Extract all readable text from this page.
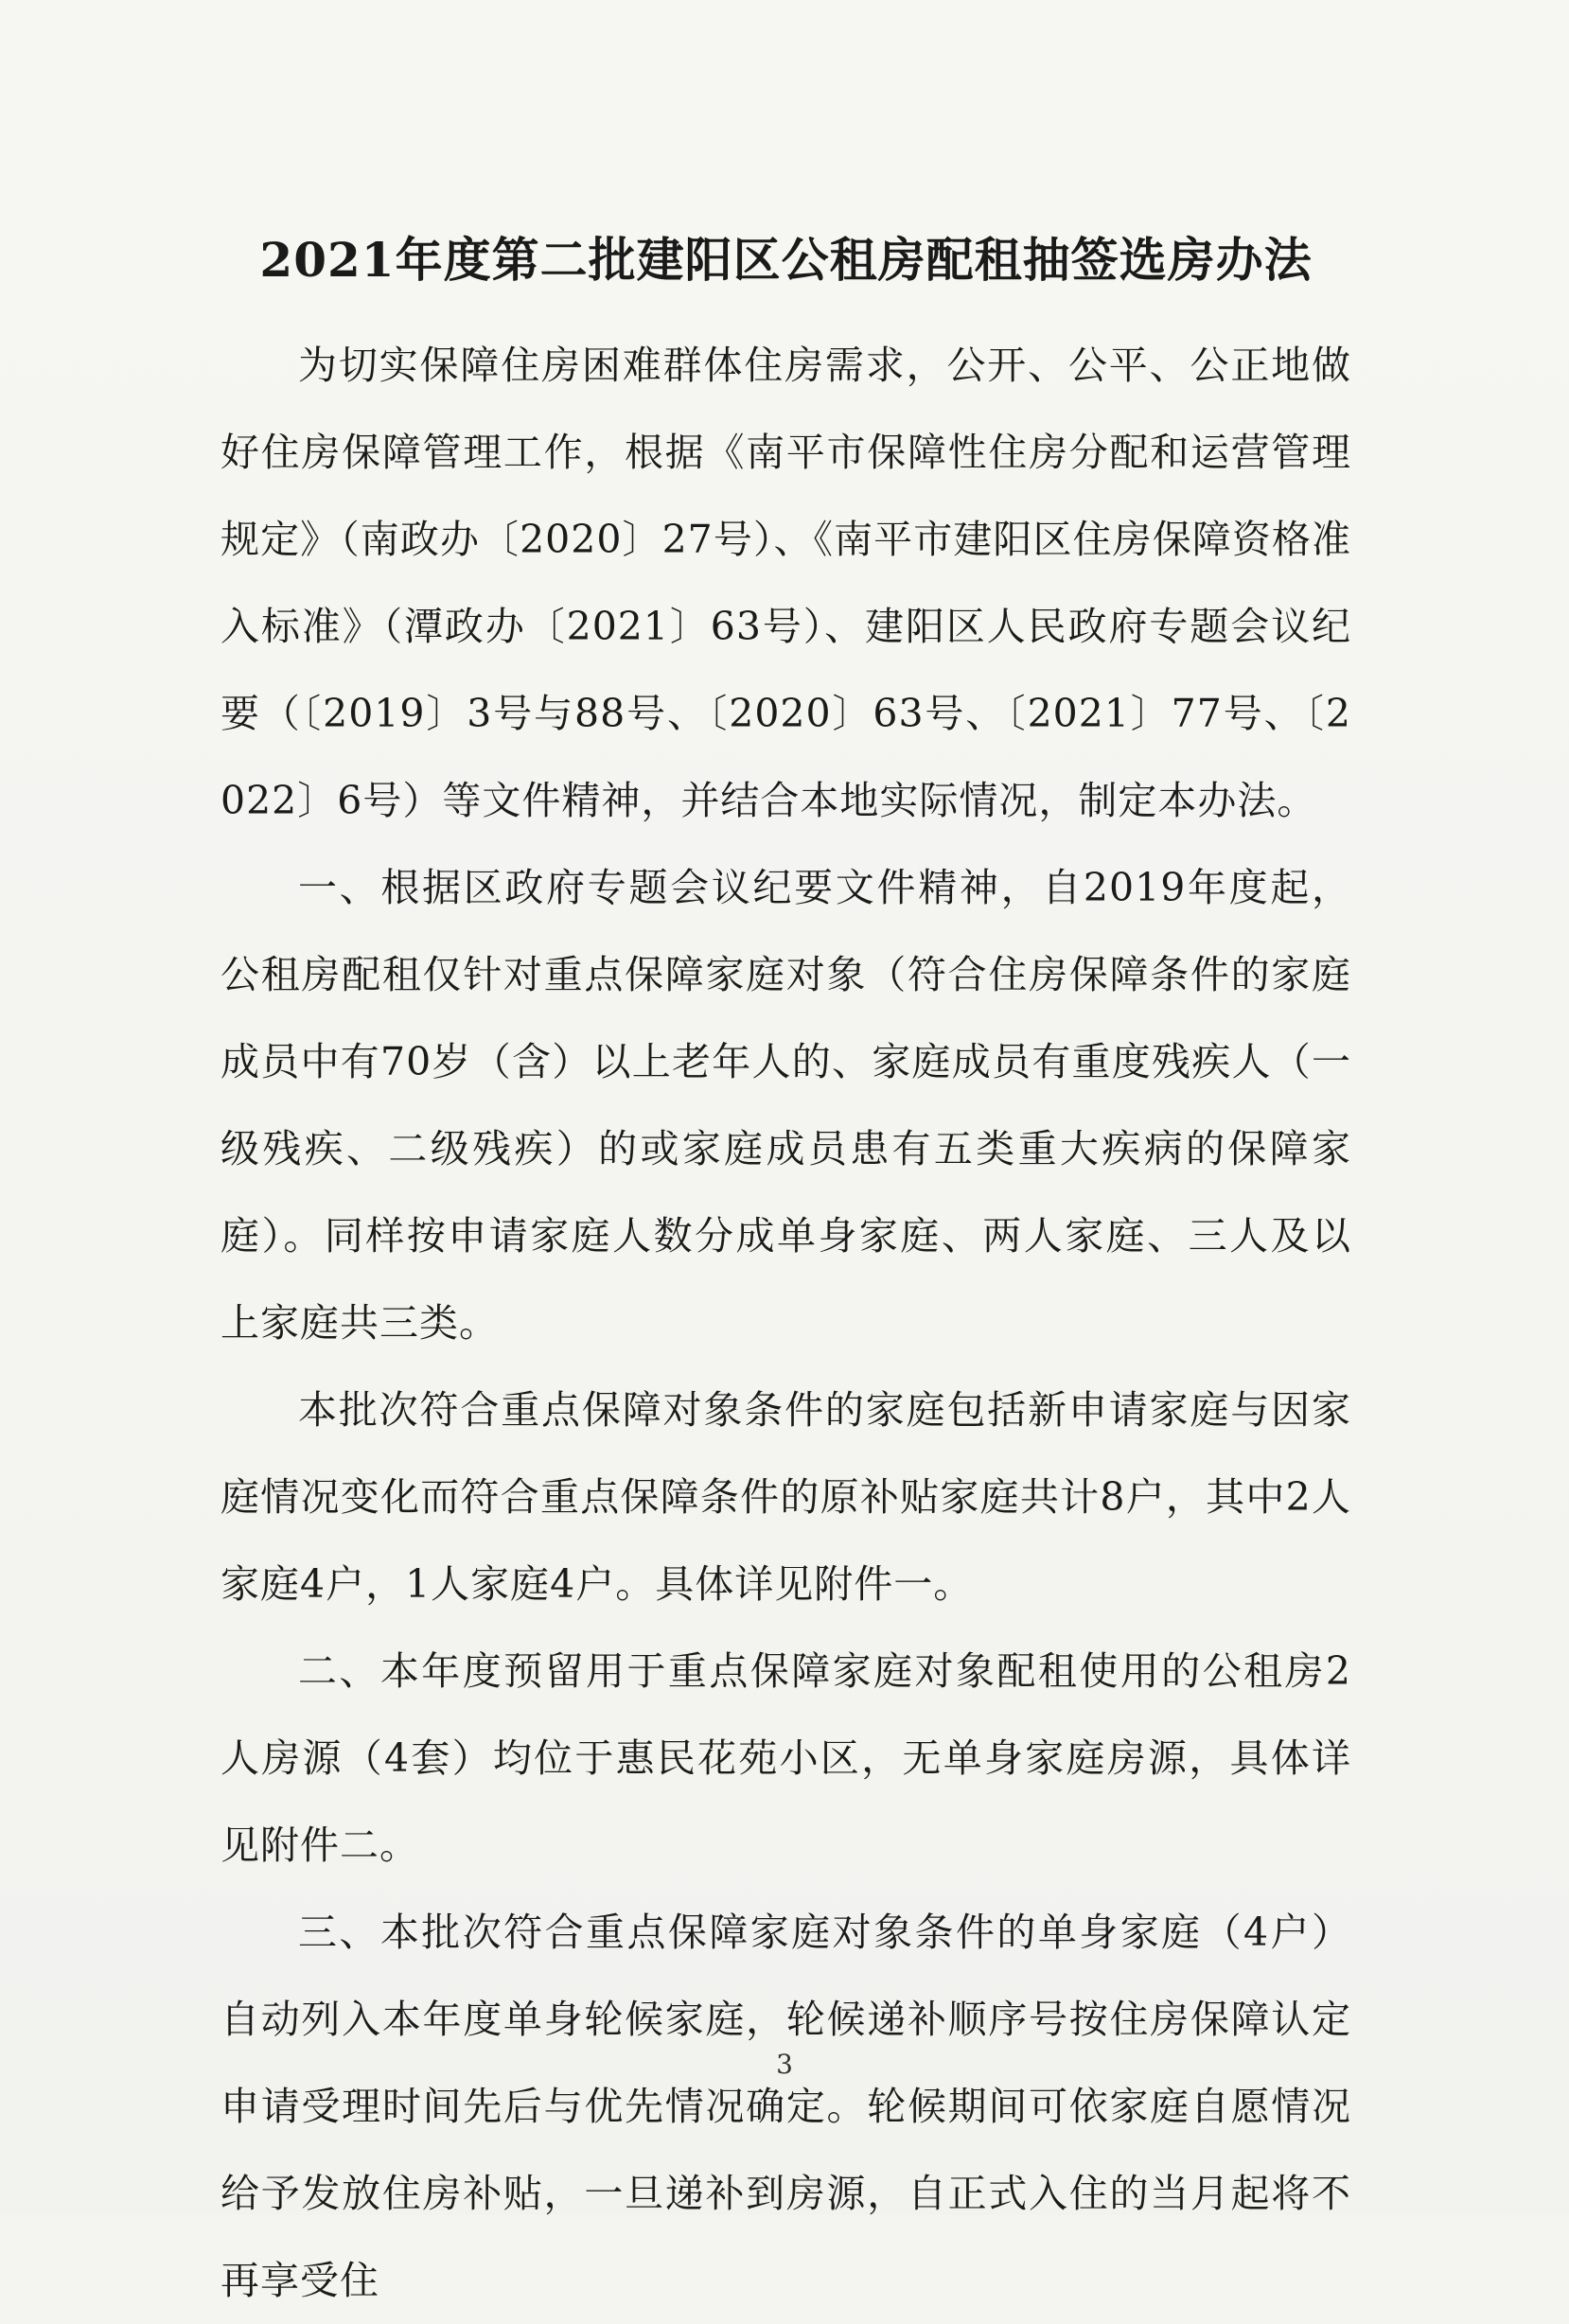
2021年度第二批建阳区公租房配租抽签选房办法

为切实保障住房困难群体住房需求，公开、公平、公正地做好住房保障管理工作，根据《南平市保障性住房分配和运营管理规定》（南政办〔2020〕27号）、《南平市建阳区住房保障资格准入标准》（潭政办〔2021〕63号）、建阳区人民政府专题会议纪要（〔2019〕3号与88号、〔2020〕63号、〔2021〕77号、〔2022〕6号）等文件精神，并结合本地实际情况，制定本办法。

一、根据区政府专题会议纪要文件精神，自2019年度起，公租房配租仅针对重点保障家庭对象（符合住房保障条件的家庭成员中有70岁（含）以上老年人的、家庭成员有重度残疾人（一级残疾、二级残疾）的或家庭成员患有五类重大疾病的保障家庭）。同样按申请家庭人数分成单身家庭、两人家庭、三人及以上家庭共三类。

本批次符合重点保障对象条件的家庭包括新申请家庭与因家庭情况变化而符合重点保障条件的原补贴家庭共计8户，其中2人家庭4户，1人家庭4户。具体详见附件一。

二、本年度预留用于重点保障家庭对象配租使用的公租房2人房源（4套）均位于惠民花苑小区，无单身家庭房源，具体详见附件二。

三、本批次符合重点保障家庭对象条件的单身家庭（4户）自动列入本年度单身轮候家庭，轮候递补顺序号按住房保障认定申请受理时间先后与优先情况确定。轮候期间可依家庭自愿情况给予发放住房补贴，一旦递补到房源，自正式入住的当月起将不再享受住

3
